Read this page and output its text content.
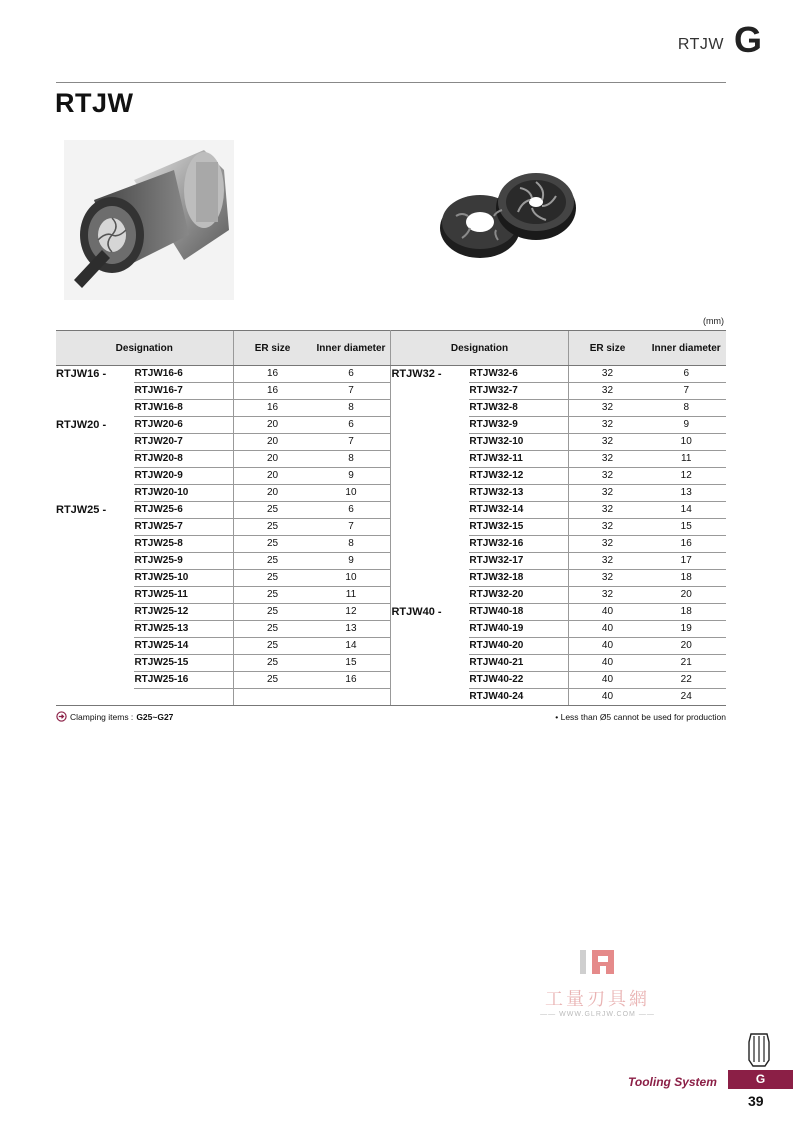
RTJW G
RTJW
(mm)
Designation		ER size	Inner diameter	Designation		ER size	Inner diameter
RTJW16 -	RTJW16-6	16	6	RTJW32 -	RTJW32-6	32	6
	RTJW16-7	16	7		RTJW32-7	32	7
	RTJW16-8	16	8		RTJW32-8	32	8
RTJW20 -	RTJW20-6	20	6		RTJW32-9	32	9
	RTJW20-7	20	7		RTJW32-10	32	10
	RTJW20-8	20	8		RTJW32-11	32	11
	RTJW20-9	20	9		RTJW32-12	32	12
	RTJW20-10	20	10		RTJW32-13	32	13
RTJW25 -	RTJW25-6	25	6		RTJW32-14	32	14
	RTJW25-7	25	7		RTJW32-15	32	15
	RTJW25-8	25	8		RTJW32-16	32	16
	RTJW25-9	25	9		RTJW32-17	32	17
	RTJW25-10	25	10		RTJW32-18	32	18
	RTJW25-11	25	11		RTJW32-20	32	20
	RTJW25-12	25	12	RTJW40 -	RTJW40-18	40	18
	RTJW25-13	25	13		RTJW40-19	40	19
	RTJW25-14	25	14		RTJW40-20	40	20
	RTJW25-15	25	15		RTJW40-21	40	21
	RTJW25-16	25	16		RTJW40-22	40	22
					RTJW40-24	40	24
Clamping items : G25~G27	• Less than Ø5 cannot be used for production
工量刃具網
—— WWW.GLRJW.COM ——
Tooling System	G
39
